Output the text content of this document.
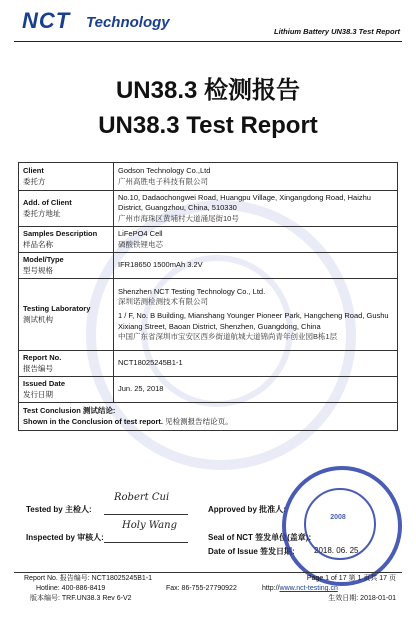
NCT Technology
Lithium Battery UN38.3 Test Report
UN38.3 检测报告
UN38.3 Test Report
Client
委托方	Godson Technology Co.,Ltd
广州高胜电子科技有限公司

Add. of Client
委托方地址	No.10, Dadaochongwei Road, Huangpu Village, Xingangdong Road, Haizhu District, Guangzhou, China, 510330
广州市海珠区黄埔村大道涌尾街10号

Samples Description
样品名称	LiFePO4 Cell
磷酸铁锂电芯

Model/Type
型号规格	IFR18650 1500mAh 3.2V
Testing Laboratory
测试机构	Shenzhen NCT Testing Technology Co., Ltd.
深圳诺测检测技术有限公司
1 / F, No. B Building, Mianshang Younger Pioneer Park, Hangcheng Road, Gushu Xixiang Street, Baoan District, Shenzhen, Guangdong, China
中国广东省深圳市宝安区西乡街道航城大道锦尚青年创业园B栋1层

Report No.
报告编号	NCT18025245B1-1
Issued Date
发行日期	Jun. 25, 2018
Test Conclusion 测试结论:
Shown in the Conclusion of test report. 见检测报告结论页。	
Tested by 主检人:
Robert Cui
Inspected by 审核人:
Holy Wang
Approved by 批准人:
Seal of NCT 签发单位(盖章):
Date of Issue 签发日期: 2018. 06. 25
2008
Report No. 报告编号: NCT18025245B1-1	Page 1 of 17 第 1 页共 17 页
Hotline: 400-886-8419	Fax: 86-755-27790922	http://www.nct-testing.cn
版本编号: TRF.UN38.3 Rev 6-V2	生效日期: 2018-01-01
